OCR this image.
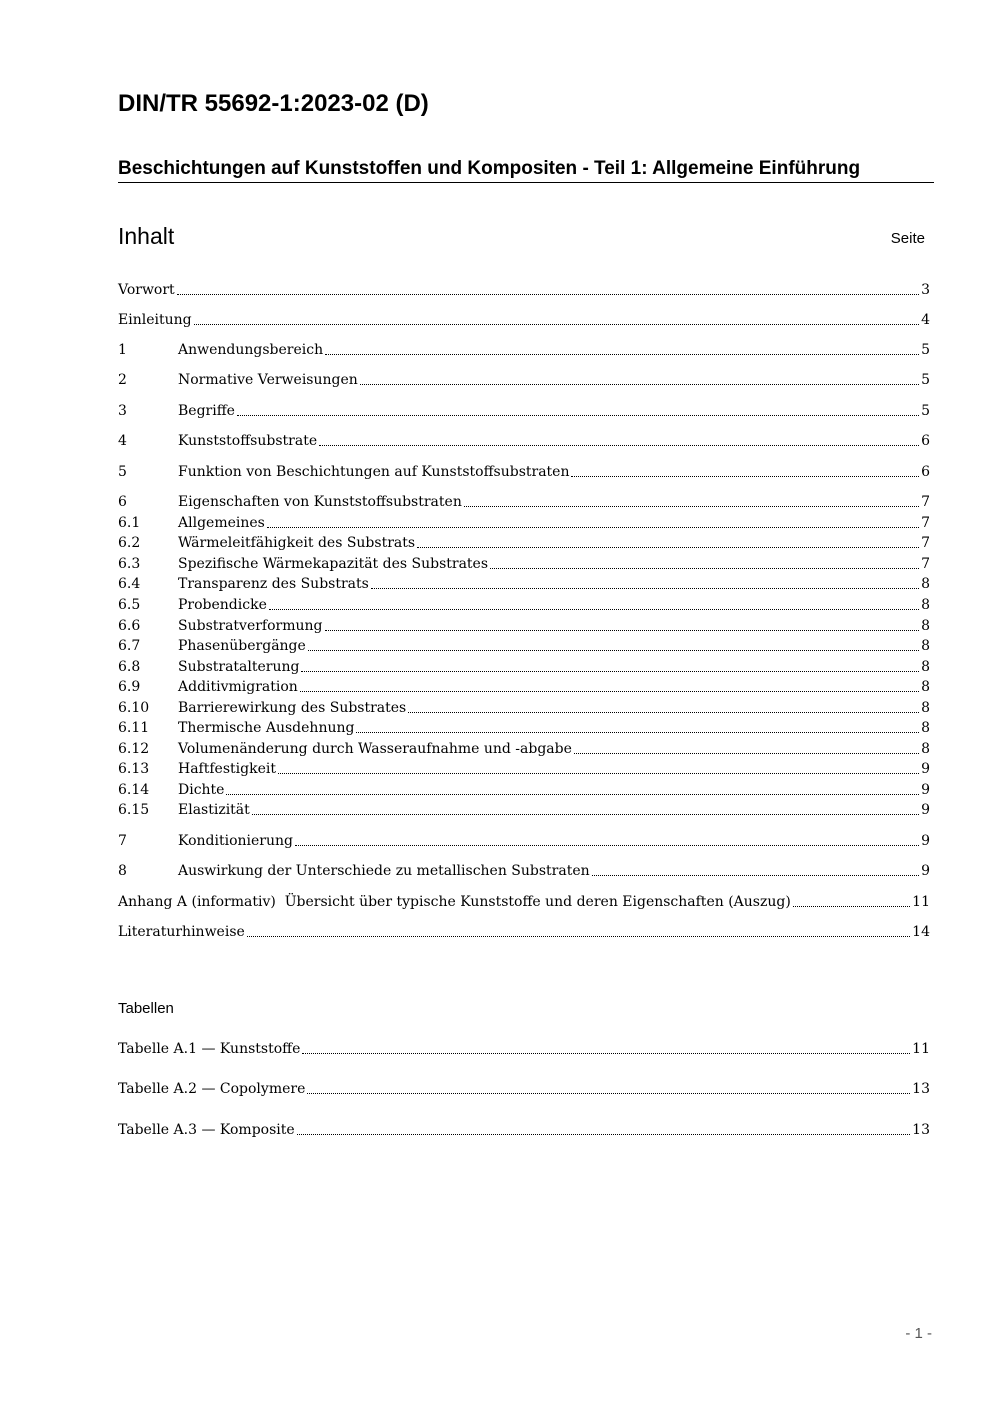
DIN/TR 55692-1:2023-02 (D)
Beschichtungen auf Kunststoffen und Kompositen - Teil 1: Allgemeine Einführung
Inhalt	Seite
Vorwort	3
Einleitung	4
1	Anwendungsbereich	5
2	Normative Verweisungen	5
3	Begriffe	5
4	Kunststoffsubstrate	6
5	Funktion von Beschichtungen auf Kunststoffsubstraten	6
6	Eigenschaften von Kunststoffsubstraten	7
6.1	Allgemeines	7
6.2	Wärmeleitfähigkeit des Substrats	7
6.3	Spezifische Wärmekapazität des Substrates	7
6.4	Transparenz des Substrats	8
6.5	Probendicke	8
6.6	Substratverformung	8
6.7	Phasenübergänge	8
6.8	Substratalterung	8
6.9	Additivmigration	8
6.10	Barrierewirkung des Substrates	8
6.11	Thermische Ausdehnung	8
6.12	Volumenänderung durch Wasseraufnahme und -abgabe	8
6.13	Haftfestigkeit	9
6.14	Dichte	9
6.15	Elastizität	9
7	Konditionierung	9
8	Auswirkung der Unterschiede zu metallischen Substraten	9
Anhang A (informativ)  Übersicht über typische Kunststoffe und deren Eigenschaften (Auszug)	11
Literaturhinweise	14
Tabellen
Tabelle A.1 — Kunststoffe	11
Tabelle A.2 — Copolymere	13
Tabelle A.3 — Komposite	13
- 1 -
